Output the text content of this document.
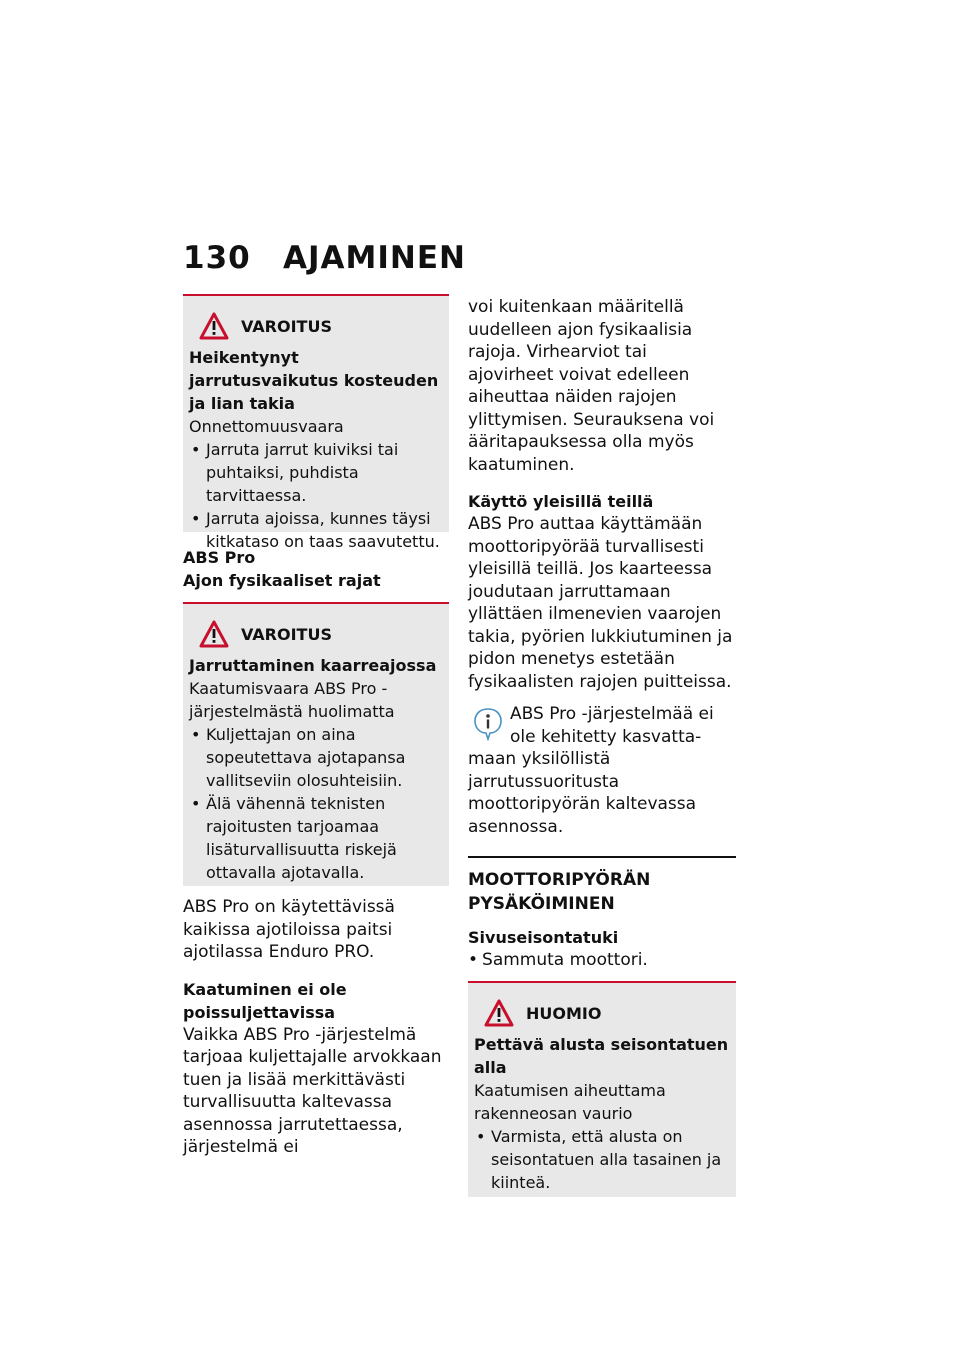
130 AJAMINEN
VAROITUS
Heikentynyt jarrutusvaikutus kosteuden ja lian takia
Onnettomuusvaara
• Jarruta jarrut kuiviksi tai puhtaiksi, puhdista tarvittaessa.
• Jarruta ajoissa, kunnes täysi kitkataso on taas saavutettu.
ABS Pro
Ajon fysikaaliset rajat
VAROITUS
Jarruttaminen kaarreajossa
Kaatumisvaara ABS Pro -järjestelmästä huolimatta
• Kuljettajan on aina sopeutettava ajotapansa vallitseviin olosuhteisiin.
• Älä vähennä teknisten rajoitusten tarjoamaa lisäturvallisuutta riskejä ottavalla ajotavalla.

ABS Pro on käytettävissä kaikissa ajotiloissa paitsi ajotilassa Enduro PRO.

Kaatuminen ei ole poissuljettavissa

Vaikka ABS Pro -järjestelmä tarjoaa kuljettajalle arvokkaan tuen ja lisää merkittävästi turvallisuutta kaltevassa asennossa jarrutettaessa, järjestelmä ei

voi kuitenkaan määritellä uudelleen ajon fysikaalisia rajoja. Virhearviot tai ajovirheet voivat edelleen aiheuttaa näiden rajojen ylittymisen. Seurauksena voi ääritapauksessa olla myös kaatuminen.

Käyttö yleisillä teillä

ABS Pro auttaa käyttämään moottoripyörää turvallisesti yleisillä teillä. Jos kaarteessa joudutaan jarruttamaan yllättäen ilmenevien vaarojen takia, pyörien lukkiutuminen ja pidon menetys estetään fysikaalisten rajojen puitteissa.

ABS Pro -järjestelmää ei

ole kehitetty kasvatta-

maan yksilöllistä jarrutussuoritusta moottoripyörän kaltevassa asennossa.

MOOTTORIPYÖRÄN PYSÄKÖIMINEN
Sivuseisontatuki
• Sammuta moottori.
HUOMIO
Pettävä alusta seisontatuen alla
Kaatumisen aiheuttama rakenneosan vaurio
• Varmista, että alusta on seisontatuen alla tasainen ja kiinteä.
